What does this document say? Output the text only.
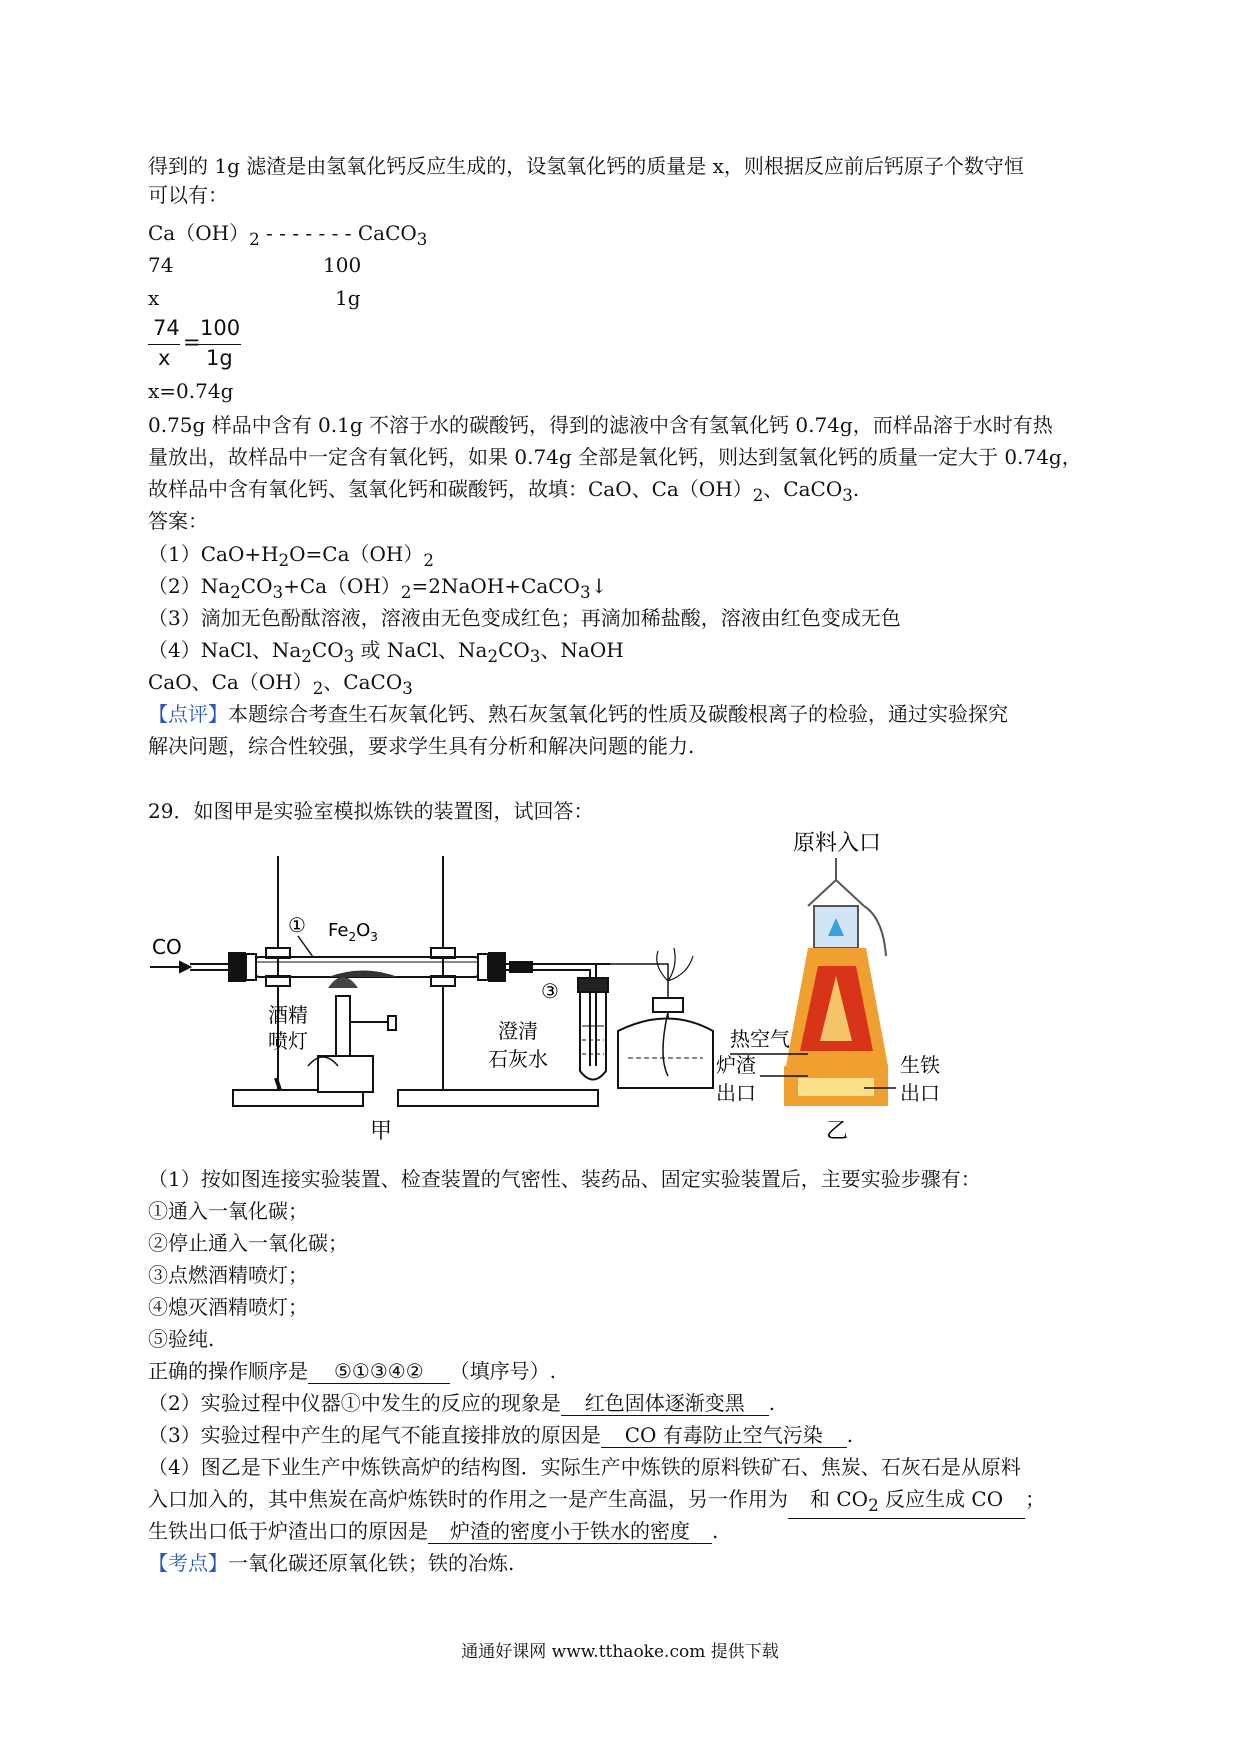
得到的 1g 滤渣是由氢氧化钙反应生成的，设氢氧化钙的质量是 x，则根据反应前后钙原子个数守恒
可以有：
$Ca(OH)_2$ - - - - - - - CaCO$_3$
74	100
x	1g
74
x
=
100
1g
x=0.74g
0.75g 样品中含有 0.1g 不溶于水的碳酸钙，得到的滤液中含有氢氧化钙 0.74g，而样品溶于水时有热
量放出，故样品中一定含有氧化钙，如果 0.74g 全部是氧化钙，则达到氢氧化钙的质量一定大于 0.74g，
故样品中含有氧化钙、氢氧化钙和碳酸钙，故填：CaO、$Ca(OH)_2$、CaCO$_3$.
答案：
$(1)CaO+H_2O=Ca(OH)_2$
$(2)Na_2CO_3+Ca(OH)_2=2NaOH+CaCO_3↓$
（3）滴加无色酚酞溶液，溶液由无色变成红色；再滴加稀盐酸，溶液由红色变成无色
（4）NaCl、$Na_2CO_3$ 或 NaCl、$Na_2CO_3$、NaOH
CaO、$Ca(OH)_2$、CaCO$_3$
【点评】本题综合考查生石灰氧化钙、熟石灰氢氧化钙的性质及碳酸根离子的检验，通过实验探究
解决问题，综合性较强，要求学生具有分析和解决问题的能力.
29．如图甲是实验室模拟炼铁的装置图，试回答：
CO
① $Fe_2O_3$
③
澄清
石灰水
酒精
喷灯
甲
原料入口
热空气
炉渣
出口
生铁
出口
乙
（1）按如图连接实验装置、检查装置的气密性、装药品、固定实验装置后，主要实验步骤有：
①通入一氧化碳；
②停止通入一氧化碳；
③点燃酒精喷灯；
④熄灭酒精喷灯；
⑤验纯.
正确的操作顺序是 ⑤①③④② （填序号）.
（2）实验过程中仪器①中发生的反应的现象是 红色固体逐渐变黑 .
（3）实验过程中产生的尾气不能直接排放的原因是 CO 有毒防止空气污染 .
（4）图乙是下业生产中炼铁高炉的结构图．实际生产中炼铁的原料铁矿石、焦炭、石灰石是从原料
入口加入的，其中焦炭在高炉炼铁时的作用之一是产生高温，另一作用为 和 $CO_2$ 反应生成 CO ；
生铁出口低于炉渣出口的原因是 炉渣的密度小于铁水的密度 .
【考点】一氧化碳还原氧化铁；铁的冶炼.
通通好课网 www.tthaoke.com 提供下载
